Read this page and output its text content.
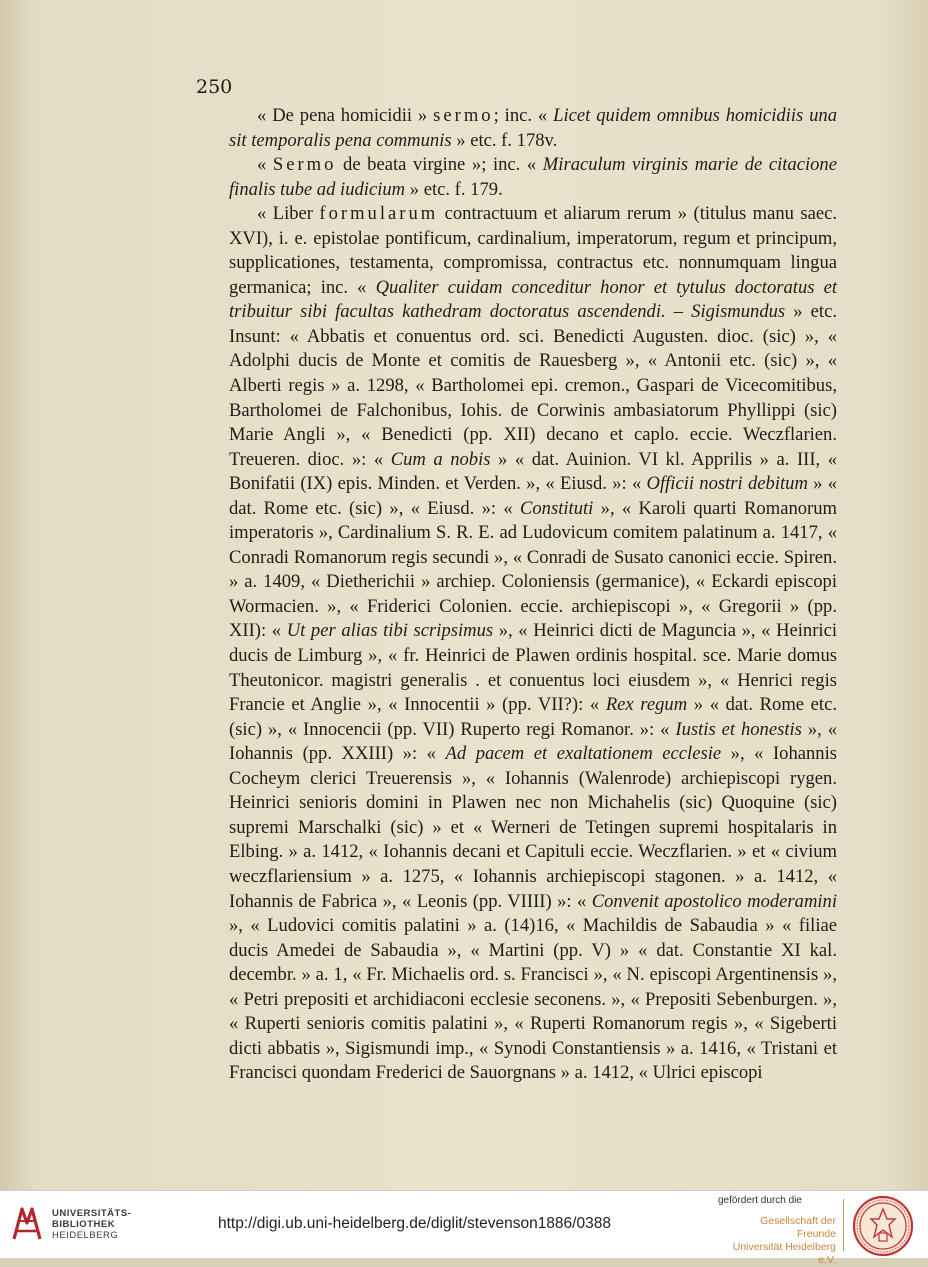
250

« De pena homicidii » sermo; inc. « Licet quidem omnibus homicidiis una sit temporalis pena communis » etc. f. 178v.

« Sermo de beata virgine »; inc. « Miraculum virginis marie de citacione finalis tube ad iudicium » etc. f. 179.

« Liber formularum contractuum et aliarum rerum » (titulus manu saec. XVI), i. e. epistolae pontificum, cardinalium, imperatorum, regum et principum, supplicationes, testamenta, compromissa, contractus etc. nonnumquam lingua germanica; inc. « Qualiter cuidam conceditur honor et tytulus doctoratus et tribuitur sibi facultas kathedram doctoratus ascendendi. – Sigismundus » etc. Insunt: « Abbatis et conuentus ord. sci. Benedicti Augusten. dioc. (sic) », « Adolphi ducis de Monte et comitis de Rauesberg », « Antonii etc. (sic) », « Alberti regis » a. 1298, « Bartholomei epi. cremon., Gaspari de Vicecomitibus, Bartholomei de Falchonibus, Iohis. de Corwinis ambasiatorum Phyllippi (sic) Marie Angli », « Benedicti (pp. XII) decano et caplo. eccie. Weczflarien. Treueren. dioc. »: « Cum a nobis » « dat. Auinion. VI kl. Apprilis » a. III, « Bonifatii (IX) epis. Minden. et Verden. », « Eiusd. »: « Officii nostri debitum » « dat. Rome etc. (sic) », « Eiusd. »: « Constituti », « Karoli quarti Romanorum imperatoris », Cardinalium S. R. E. ad Ludovicum comitem palatinum a. 1417, « Conradi Romanorum regis secundi », « Conradi de Susato canonici eccie. Spiren. » a. 1409, « Dietherichii » archiep. Coloniensis (germanice), « Eckardi episcopi Wormacien. », « Friderici Colonien. eccie. archiepiscopi », « Gregorii » (pp. XII): « Ut per alias tibi scripsimus », « Heinrici dicti de Maguncia », « Heinrici ducis de Limburg », « fr. Heinrici de Plawen ordinis hospital. sce. Marie domus Theutonicor. magistri generalis . et conuentus loci eiusdem », « Henrici regis Francie et Anglie », « Innocentii » (pp. VII?): « Rex regum » « dat. Rome etc. (sic) », « Innocencii (pp. VII) Ruperto regi Romanor. »: « Iustis et honestis », « Iohannis (pp. XXIII) »: « Ad pacem et exaltationem ecclesie », « Iohannis Cocheym clerici Treuerensis », « Iohannis (Walenrode) archiepiscopi rygen. Heinrici senioris domini in Plawen nec non Michahelis (sic) Quoquine (sic) supremi Marschalki (sic) » et « Werneri de Tetingen supremi hospitalaris in Elbing. » a. 1412, « Iohannis decani et Capituli eccie. Weczflarien. » et « civium weczflariensium » a. 1275, « Iohannis archiepiscopi stagonen. » a. 1412, « Iohannis de Fabrica », « Leonis (pp. VIIII) »: « Convenit apostolico moderamini », « Ludovici comitis palatini » a. (14)16, « Machildis de Sabaudia » « filiae ducis Amedei de Sabaudia », « Martini (pp. V) » « dat. Constantie XI kal. decembr. » a. 1, « Fr. Michaelis ord. s. Francisci », « N. episcopi Argentinensis », « Petri prepositi et archidiaconi ecclesie seconens. », « Prepositi Sebenburgen. », « Ruperti senioris comitis palatini », « Ruperti Romanorum regis », « Sigeberti dicti abbatis », Sigismundi imp., « Synodi Constantiensis » a. 1416, « Tristani et Francisci quondam Frederici de Sauorgnans » a. 1412, « Ulrici episcopi

UNIVERSITÄTS-
BIBLIOTHEK
HEIDELBERG
http://digi.ub.uni-heidelberg.de/diglit/stevenson1886/0388
gefördert durch die
Gesellschaft der Freunde
Universität Heidelberg e.V.
